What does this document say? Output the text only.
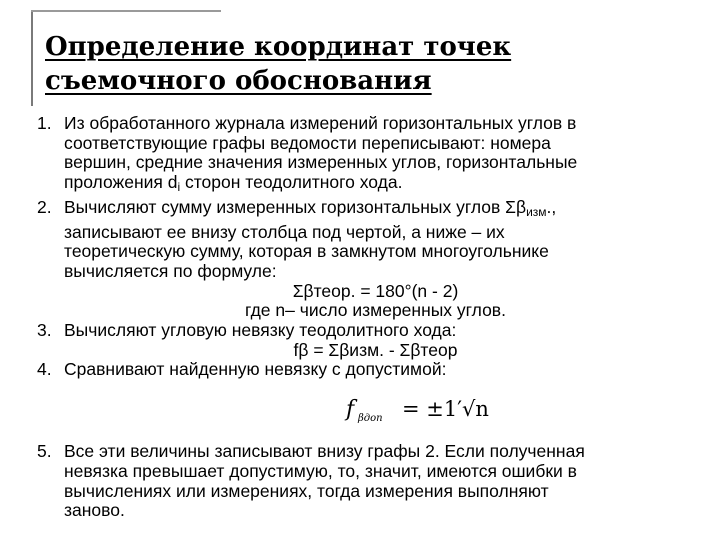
Определение координат точек
съемочного обоснования
1. Из обработанного журнала измерений горизонтальных углов в
соответствующие графы ведомости переписывают: номера
вершин, средние значения измеренных углов, горизонтальные
проложения $d_i$ сторон теодолитного хода.
2. Вычисляют сумму измеренных горизонтальных углов $\Sigma\beta_{изм}$.,
записывают ее внизу столбца под чертой, а ниже – их
теоретическую сумму, которая в замкнутом многоугольнике
вычисляется по формуле:
Σβтеор. = 180°(n - 2)
где n– число измеренных углов.
3. Вычисляют угловую невязку теодолитного хода:
fβ = Σβизм. - Σβтеор
4. Сравнивают найденную невязку с допустимой:
f βдоп = ±1′√n
5. Все эти величины записывают внизу графы 2. Если полученная
невязка превышает допустимую, то, значит, имеются ошибки в
вычислениях или измерениях, тогда измерения выполняют
заново.
